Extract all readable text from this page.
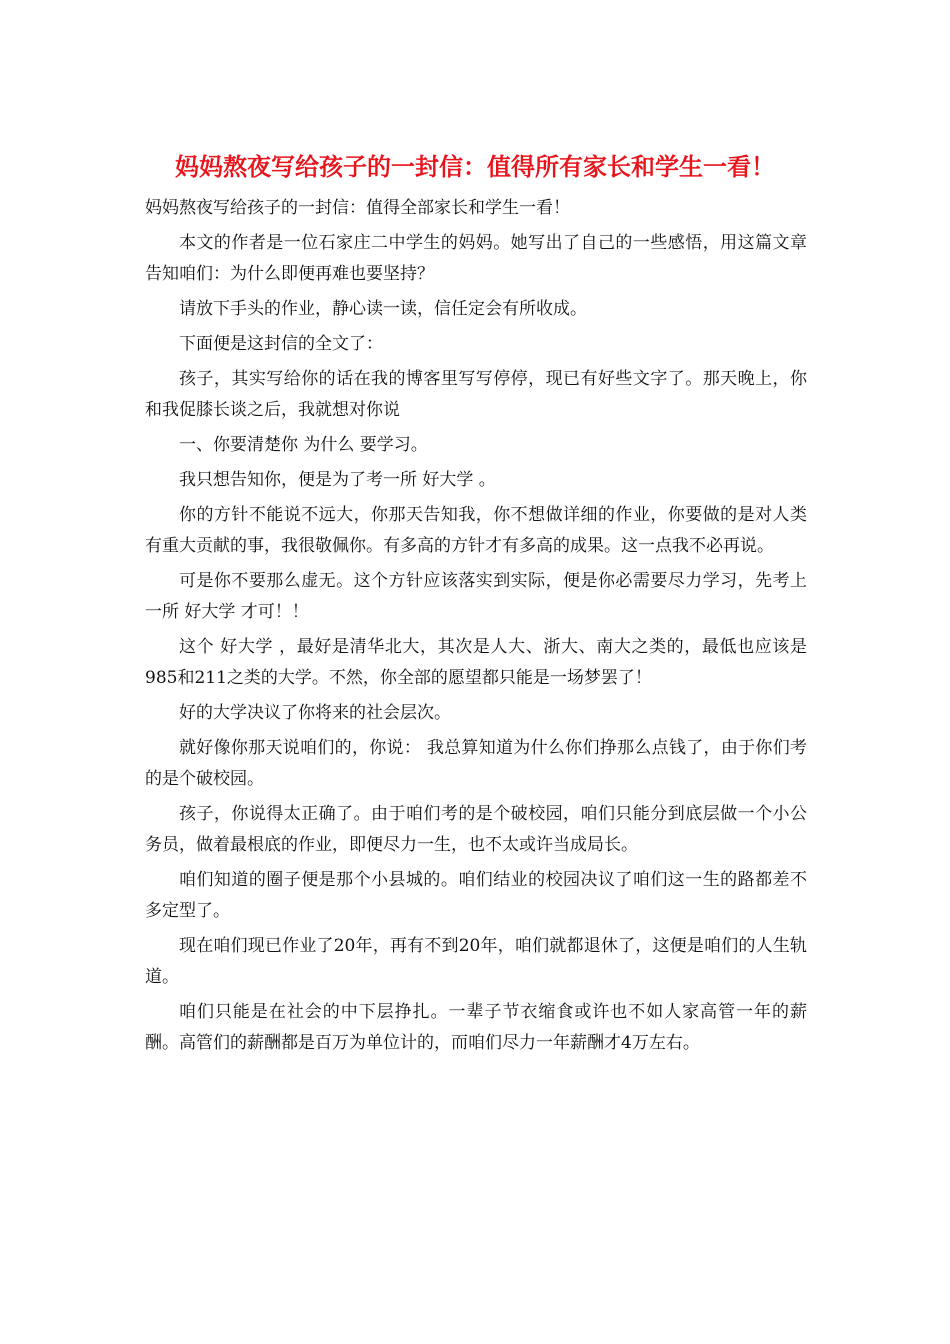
妈妈熬夜写给孩子的一封信：值得所有家长和学生一看！

妈妈熬夜写给孩子的一封信：值得全部家长和学生一看！

本文的作者是一位石家庄二中学生的妈妈。她写出了自己的一些感悟，用这篇文章告知咱们：为什么即便再难也要坚持？

请放下手头的作业，静心读一读，信任定会有所收成。

下面便是这封信的全文了：

孩子，其实写给你的话在我的博客里写写停停，现已有好些文字了。那天晚上，你和我促膝长谈之后，我就想对你说

一、你要清楚你 为什么 要学习。

我只想告知你，便是为了考一所 好大学 。

你的方针不能说不远大，你那天告知我，你不想做详细的作业，你要做的是对人类有重大贡献的事，我很敬佩你。有多高的方针才有多高的成果。这一点我不必再说。

可是你不要那么虚无。这个方针应该落实到实际，便是你必需要尽力学习，先考上一所 好大学 才可！！

这个 好大学 ，最好是清华北大，其次是人大、浙大、南大之类的，最低也应该是985和211之类的大学。不然，你全部的愿望都只能是一场梦罢了！

好的大学决议了你将来的社会层次。

就好像你那天说咱们的，你说： 我总算知道为什么你们挣那么点钱了，由于你们考的是个破校园。

孩子，你说得太正确了。由于咱们考的是个破校园，咱们只能分到底层做一个小公务员，做着最根底的作业，即便尽力一生，也不太或许当成局长。

咱们知道的圈子便是那个小县城的。咱们结业的校园决议了咱们这一生的路都差不多定型了。

现在咱们现已作业了20年，再有不到20年，咱们就都退休了，这便是咱们的人生轨道。

咱们只能是在社会的中下层挣扎。一辈子节衣缩食或许也不如人家高管一年的薪酬。高管们的薪酬都是百万为单位计的，而咱们尽力一年薪酬才4万左右。
